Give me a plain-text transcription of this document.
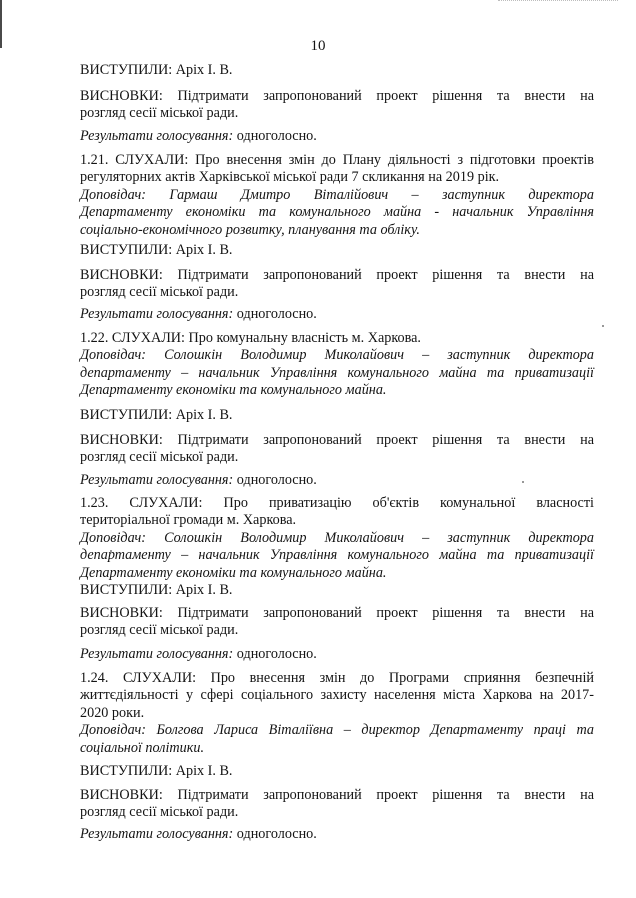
10
ВИСТУПИЛИ: Аріх І. В.
ВИСНОВКИ: Підтримати запропонований проект рішення та внести на
розгляд сесії міської ради.
Результати голосування: одноголосно.
1.21. СЛУХАЛИ: Про внесення змін до Плану діяльності з підготовки проектів
регуляторних актів Харківської міської ради 7 скликання на 2019 рік.
Доповідач: Гармаш Дмитро Віталійович – заступник директора
Департаменту економіки та комунального майна - начальник Управління
соціально-економічного розвитку, планування та обліку.
ВИСТУПИЛИ: Аріх І. В.
ВИСНОВКИ: Підтримати запропонований проект рішення та внести на
розгляд сесії міської ради.
Результати голосування: одноголосно.
1.22. СЛУХАЛИ: Про комунальну власність м. Харкова.
Доповідач: Солошкін Володимир Миколайович – заступник директора
департаменту – начальник Управління комунального майна та приватизації
Департаменту економіки та комунального майна.
ВИСТУПИЛИ: Аріх І. В.
ВИСНОВКИ: Підтримати запропонований проект рішення та внести на
розгляд сесії міської ради.
Результати голосування: одноголосно.
1.23. СЛУХАЛИ: Про приватизацію об'єктів комунальної власності
територіальної громади м. Харкова.
Доповідач: Солошкін Володимир Миколайович – заступник директора
департаменту – начальник Управління комунального майна та приватизації
Департаменту економіки та комунального майна.
ВИСТУПИЛИ: Аріх І. В.
ВИСНОВКИ: Підтримати запропонований проект рішення та внести на
розгляд сесії міської ради.
Результати голосування: одноголосно.
1.24. СЛУХАЛИ: Про внесення змін до Програми сприяння безпечній
життєдіяльності у сфері соціального захисту населення міста Харкова на 2017-
2020 роки.
Доповідач: Болгова Лариса Віталіївна – директор Департаменту праці та
соціальної політики.
ВИСТУПИЛИ: Аріх І. В.
ВИСНОВКИ: Підтримати запропонований проект рішення та внести на
розгляд сесії міської ради.
Результати голосування: одноголосно.
